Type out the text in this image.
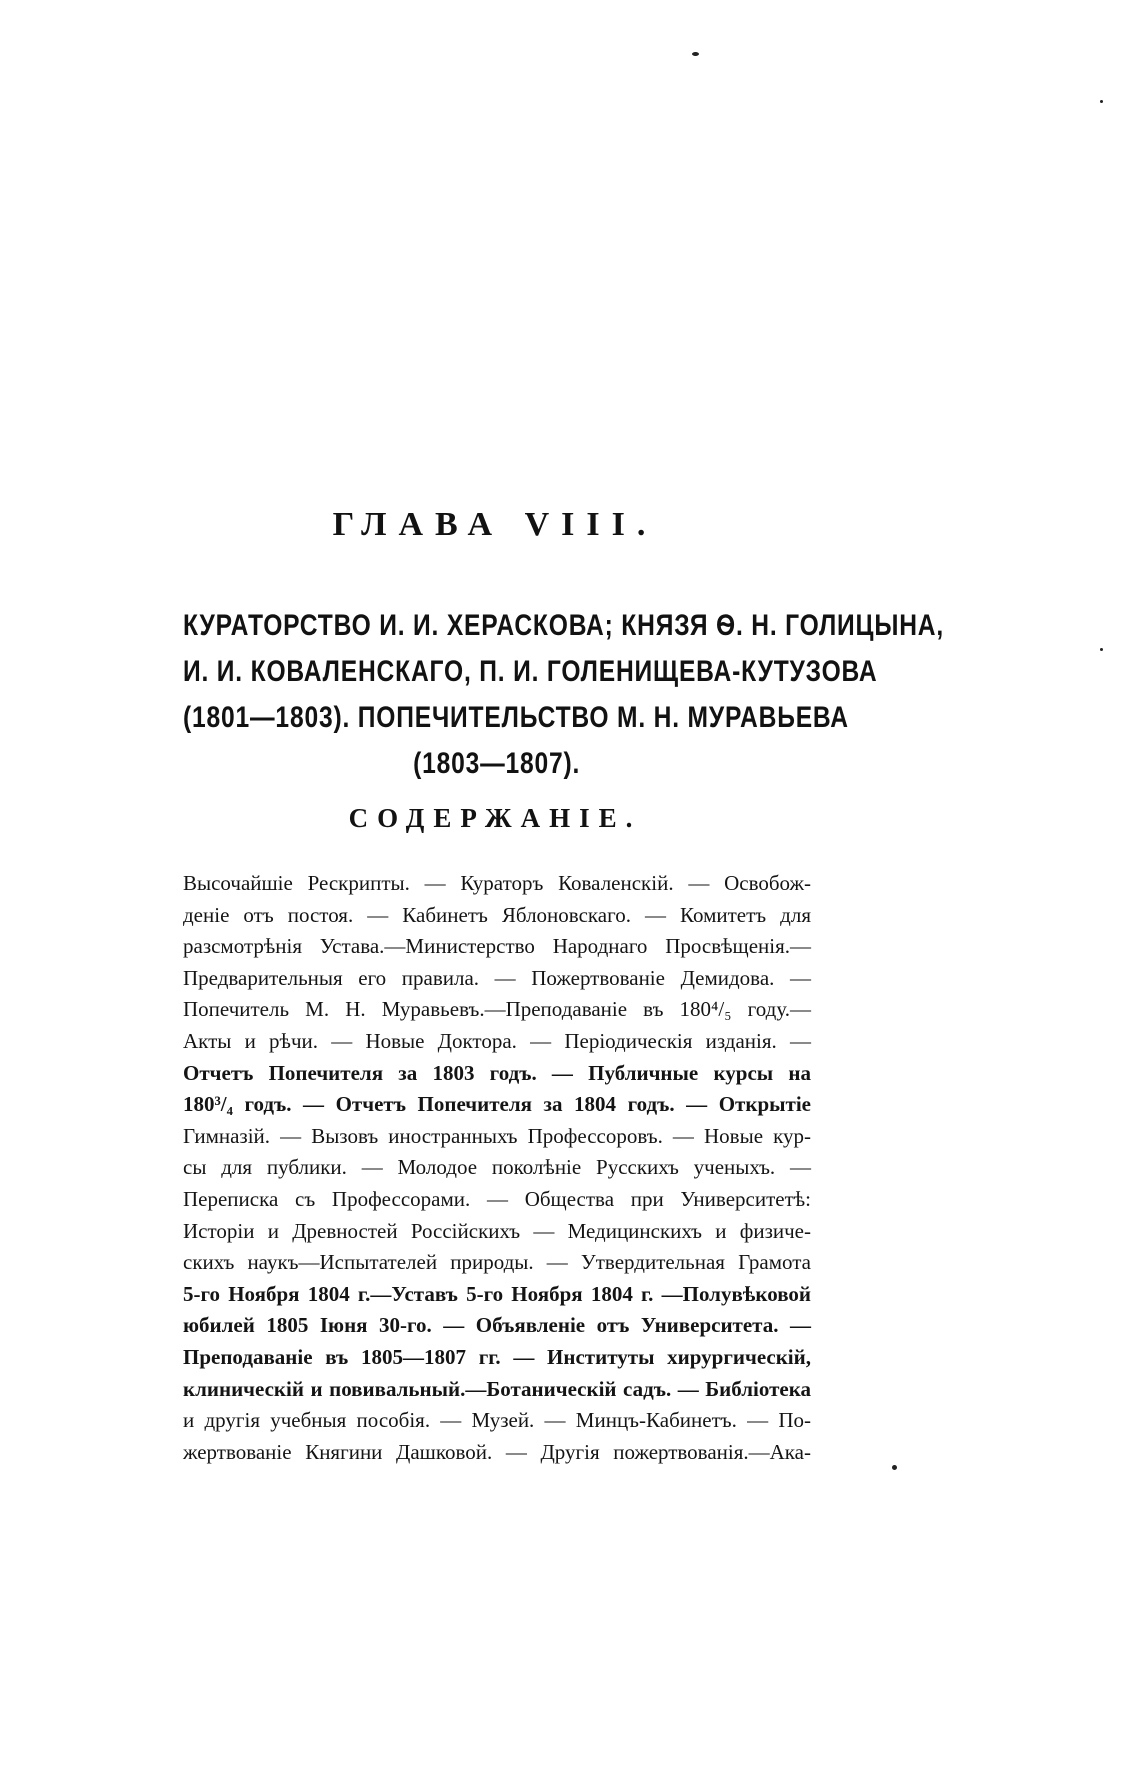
ГЛАВА VIII.
КУРАТОРСТВО И. И. ХЕРАСКОВА; КНЯЗЯ Ѳ. Н. ГОЛИЦЫНА,
И. И. КОВАЛЕНСКАГО, П. И. ГОЛЕНИЩЕВА-КУТУЗОВА
(1801—1803). ПОПЕЧИТЕЛЬСТВО М. Н. МУРАВЬЕВА
(1803—1807).
СОДЕРЖАНІЕ.
Высочайшіе Рескрипты. — Кураторъ Коваленскій. — Освобож-
деніе отъ постоя. — Кабинетъ Яблоновскаго. — Комитетъ для
разсмотрѣнія Устава.—Министерство Народнаго Просвѣщенія.—
Предварительныя его правила. — Пожертвованіе Демидова. —
Попечитель М. Н. Муравьевъ.—Преподаваніе въ 180⁴/₅ году.—
Акты и рѣчи. — Новые Доктора. — Періодическія изданія. —
Отчетъ Попечителя за 1803 годъ. — Публичные курсы на
180³/₄ годъ. — Отчетъ Попечителя за 1804 годъ. — Открытіе
Гимназій. — Вызовъ иностранныхъ Профессоровъ. — Новые кур-
сы для публики. — Молодое поколѣніе Русскихъ ученыхъ. —
Переписка съ Профессорами. — Общества при Университетѣ:
Исторіи и Древностей Россійскихъ — Медицинскихъ и физиче-
скихъ наукъ—Испытателей природы. — Утвердительная Грамота
5-го Ноября 1804 г.—Уставъ 5-го Ноября 1804 г. —Полувѣковой
юбилей 1805 Іюня 30-го. — Объявленіе отъ Университета. —
Преподаваніе въ 1805—1807 гг. — Институты хирургическій,
клиническій и повивальный.—Ботаническій садъ. — Библіотека
и другія учебныя пособія. — Музей. — Минцъ-Кабинетъ. — По-
жертвованіе Княгини Дашковой. — Другія пожертвованія.—Ака-
